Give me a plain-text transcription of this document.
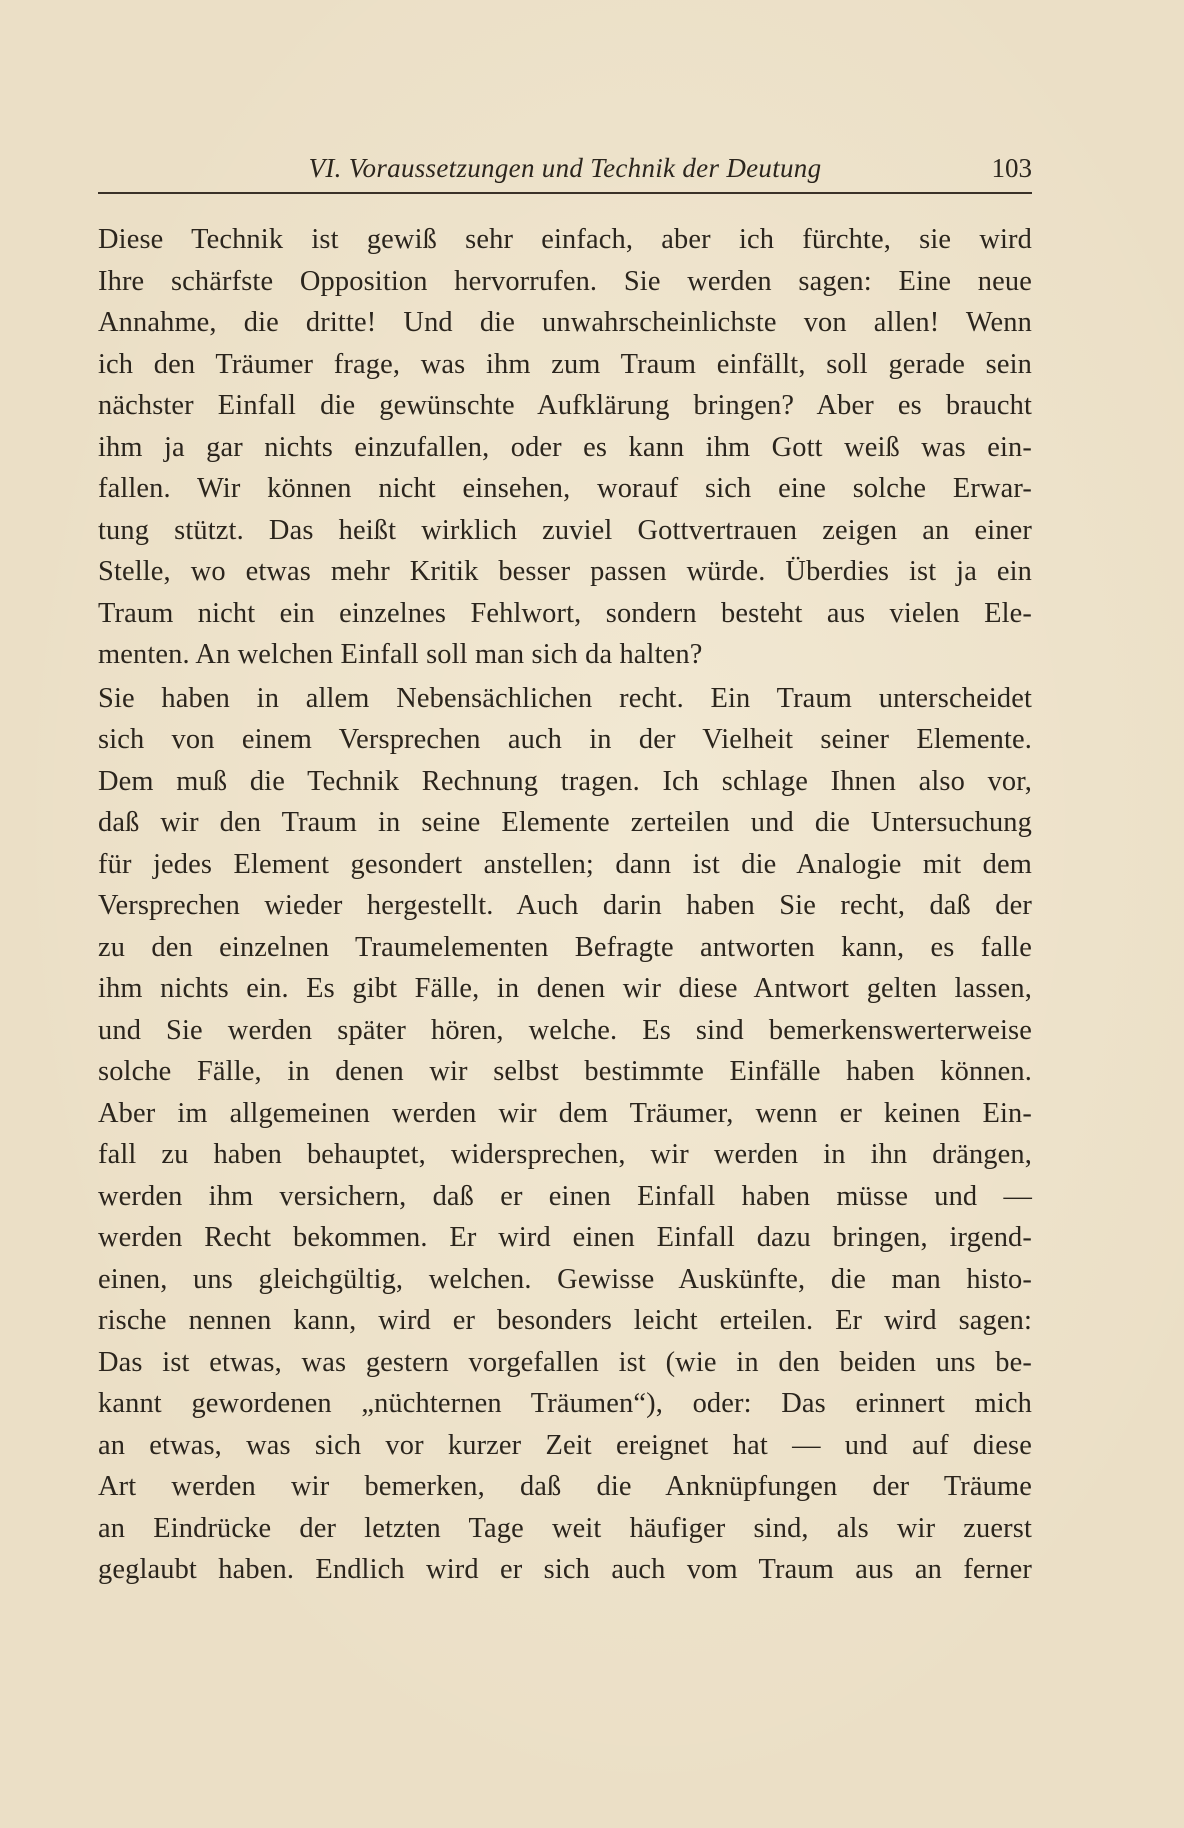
VI. Voraussetzungen und Technik der Deutung	103
Diese Technik ist gewiß sehr einfach, aber ich fürchte, sie wird
Ihre schärfste Opposition hervorrufen. Sie werden sagen: Eine neue
Annahme, die dritte! Und die unwahrscheinlichste von allen! Wenn
ich den Träumer frage, was ihm zum Traum einfällt, soll gerade sein
nächster Einfall die gewünschte Aufklärung bringen? Aber es braucht
ihm ja gar nichts einzufallen, oder es kann ihm Gott weiß was ein-
fallen. Wir können nicht einsehen, worauf sich eine solche Erwar-
tung stützt. Das heißt wirklich zuviel Gottvertrauen zeigen an einer
Stelle, wo etwas mehr Kritik besser passen würde. Überdies ist ja ein
Traum nicht ein einzelnes Fehlwort, sondern besteht aus vielen Ele-
menten. An welchen Einfall soll man sich da halten?
Sie haben in allem Nebensächlichen recht. Ein Traum unterscheidet
sich von einem Versprechen auch in der Vielheit seiner Elemente.
Dem muß die Technik Rechnung tragen. Ich schlage Ihnen also vor,
daß wir den Traum in seine Elemente zerteilen und die Untersuchung
für jedes Element gesondert anstellen; dann ist die Analogie mit dem
Versprechen wieder hergestellt. Auch darin haben Sie recht, daß der
zu den einzelnen Traumelementen Befragte antworten kann, es falle
ihm nichts ein. Es gibt Fälle, in denen wir diese Antwort gelten lassen,
und Sie werden später hören, welche. Es sind bemerkenswerterweise
solche Fälle, in denen wir selbst bestimmte Einfälle haben können.
Aber im allgemeinen werden wir dem Träumer, wenn er keinen Ein-
fall zu haben behauptet, widersprechen, wir werden in ihn drängen,
werden ihm versichern, daß er einen Einfall haben müsse und —
werden Recht bekommen. Er wird einen Einfall dazu bringen, irgend-
einen, uns gleichgültig, welchen. Gewisse Auskünfte, die man histo-
rische nennen kann, wird er besonders leicht erteilen. Er wird sagen:
Das ist etwas, was gestern vorgefallen ist (wie in den beiden uns be-
kannt gewordenen „nüchternen Träumen“), oder: Das erinnert mich
an etwas, was sich vor kurzer Zeit ereignet hat — und auf diese
Art werden wir bemerken, daß die Anknüpfungen der Träume
an Eindrücke der letzten Tage weit häufiger sind, als wir zuerst
geglaubt haben. Endlich wird er sich auch vom Traum aus an ferner
